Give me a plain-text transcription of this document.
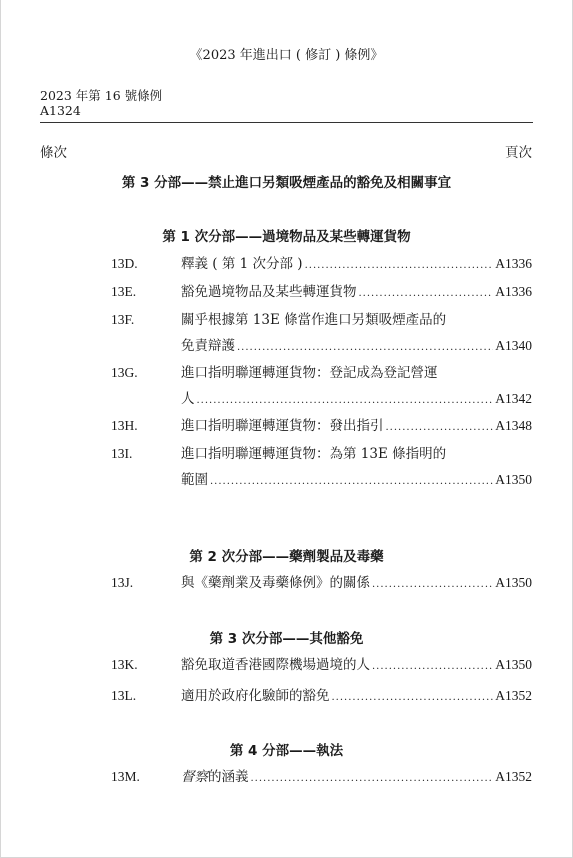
《2023 年進出口 ( 修訂 ) 條例》
2023 年第 16 號條例
A1324
條次	頁次
第 3 分部——禁止進口另類吸煙產品的豁免及相關事宜
第 1 次分部——過境物品及某些轉運貨物
13D.	釋義 ( 第 1 次分部 ) .....	A1336
13E.	豁免過境物品及某些轉運貨物 .....	A1336
13F.	關乎根據第 13E 條當作進口另類吸煙產品的
免責辯護 .....	A1340
13G.	進口指明聯運轉運貨物：登記成為登記營運
人 .....	A1342
13H.	進口指明聯運轉運貨物：發出指引 .....	A1348
13I.	進口指明聯運轉運貨物：為第 13E 條指明的
範圍 .....	A1350
第 2 次分部——藥劑製品及毒藥
13J.	與《藥劑業及毒藥條例》的關係 .....	A1350
第 3 次分部——其他豁免
13K.	豁免取道香港國際機場過境的人 .....	A1350
13L.	適用於政府化驗師的豁免 .....	A1352
第 4 分部——執法
13M.	督察的涵義 .....	A1352
